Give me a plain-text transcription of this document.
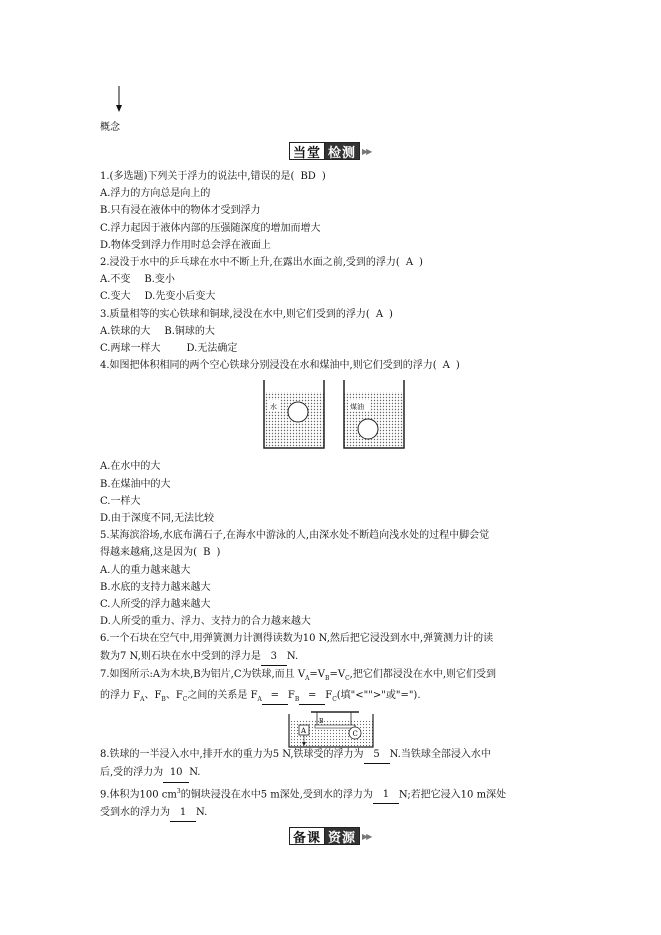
概念
当堂 检测 ▶▶
1.(多选题)下列关于浮力的说法中,错误的是( BD )
A.浮力的方向总是向上的
B.只有浸在液体中的物体才受到浮力
C.浮力起因于液体内部的压强随深度的增加而增大
D.物体受到浮力作用时总会浮在液面上
2.浸没于水中的乒乓球在水中不断上升,在露出水面之前,受到的浮力( A )
A.不变 B.变小
C.变大 D.先变小后变大
3.质量相等的实心铁球和铜球,浸没在水中,则它们受到的浮力( A )
A.铁球的大 B.铜球的大
C.两球一样大	D.无法确定
4.如图把体积相同的两个空心铁球分别浸没在水和煤油中,则它们受到的浮力( A )
A.在水中的大
B.在煤油中的大
C.一样大
D.由于深度不同,无法比较
5.某海滨浴场,水底布满石子,在海水中游泳的人,由深水处不断趋向浅水处的过程中脚会觉
得越来越痛,这是因为( B )
A.人的重力越来越大
B.水底的支持力越来越大
C.人所受的浮力越来越大
D.人所受的重力、浮力、支持力的合力越来越大
6.一个石块在空气中,用弹簧测力计测得读数为10 N,然后把它浸没到水中,弹簧测力计的读
数为7 N,则石块在水中受到的浮力是 3 N.
7.如图所示:A为木块,B为铝片,C为铁球,而且 $V_A=V_B=V_C$,把它们都浸没在水中,则它们受到
的浮力 $F_A$、$F_B$、$F_C$之间的关系是 $F_A = F_B = F_C$(填"<"">"或"=").
8.铁球的一半浸入水中,排开水的重力为5 N,铁球受的浮力为 5 N.当铁球全部浸入水中
后,受的浮力为 10 N.
9.体积为100 $cm^3$的铜块浸没在水中5 m深处,受到水的浮力为 1 N;若把它浸入10 m深处
受到水的浮力为 1 N.
水	煤油
A
B
C
备课 资源 ▶▶
